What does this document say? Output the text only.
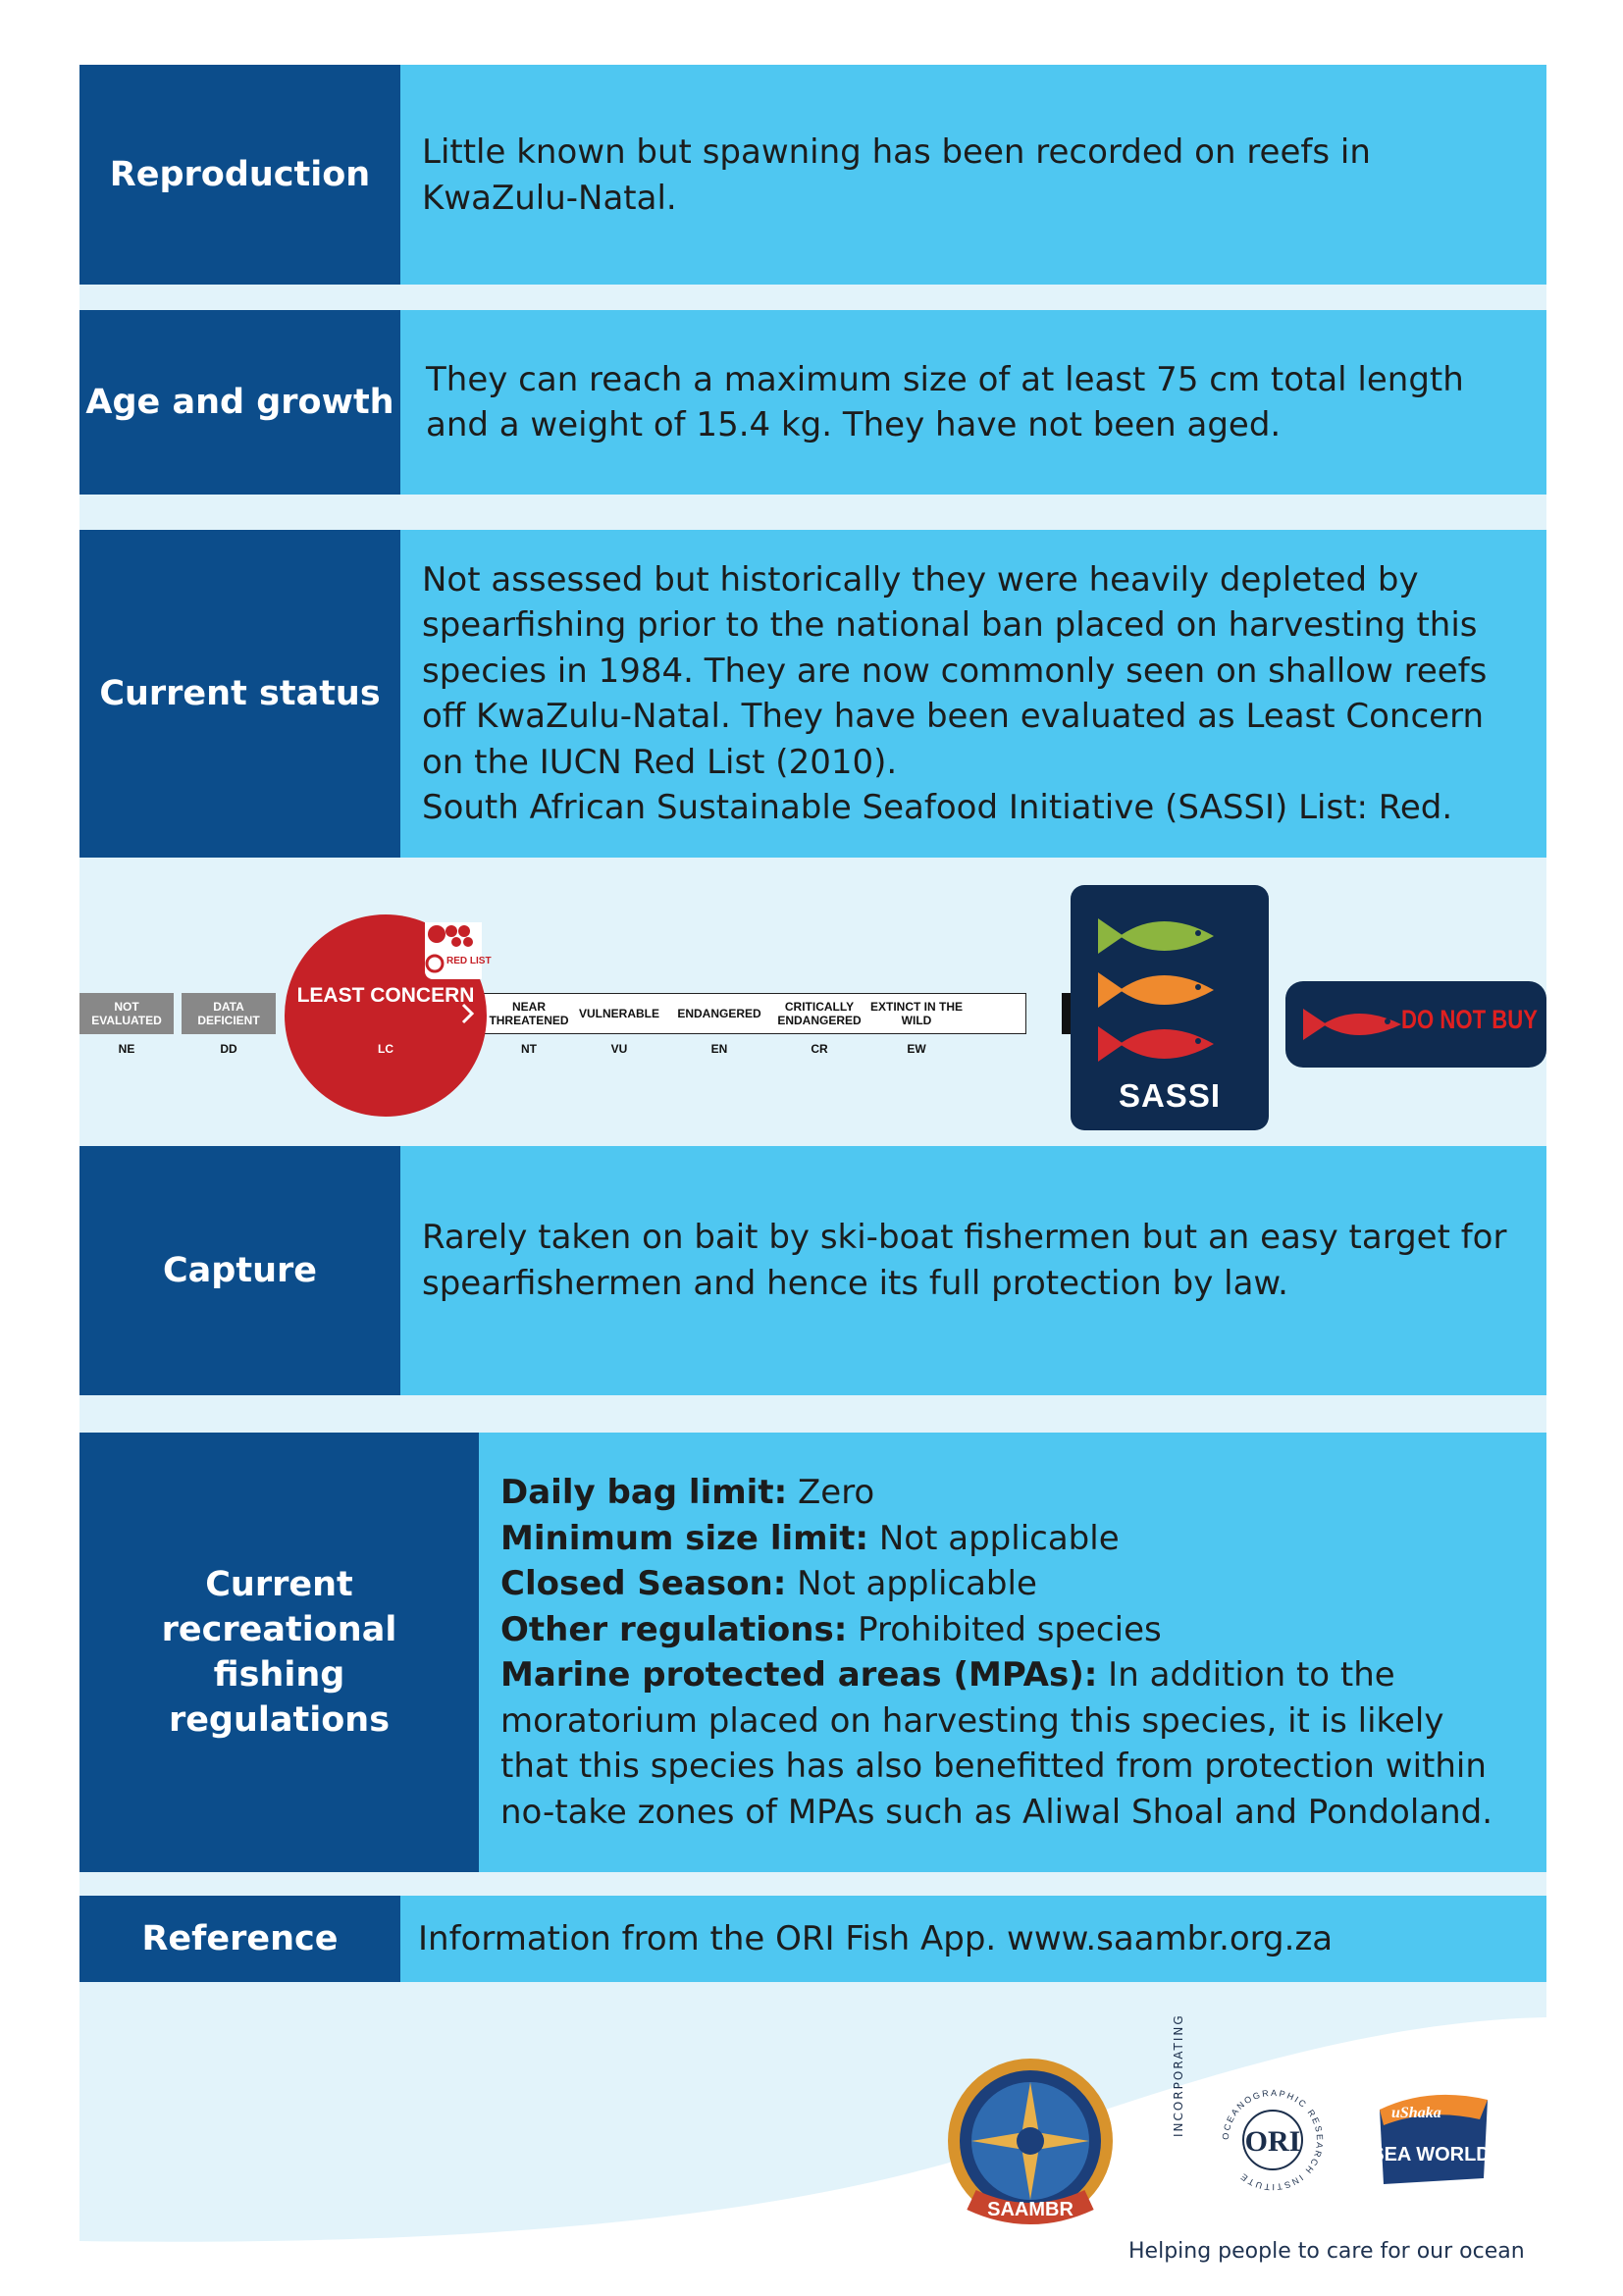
Reproduction

Little known but spawning has been recorded on reefs in KwaZulu-Natal.

Age and growth

They can reach a maximum size of at least 75 cm total length and a weight of 15.4 kg. They have not been aged.

Current status

Not assessed but historically they were heavily depleted by spearfishing prior to the national ban placed on harvesting this species in 1984. They are now commonly seen on shallow reefs off KwaZulu-Natal. They have been evaluated as Least Concern on the IUCN Red List (2010).

South African Sustainable Seafood Initiative (SASSI) List: Red.

NOT EVALUATED
DATA DEFICIENT
NE	DD
LEAST CONCERN
LC
RED LIST
NEAR THREATENED VULNERABLE	ENDANGERED	CRITICALLY ENDANGERED
EXTINCT IN THE WILD
NT	VU	EN	CR	EW
SASSI
DO NOT BUY
Capture

Rarely taken on bait by ski-boat fishermen but an easy target for spearfishermen and hence its full protection by law.

Current recreational fishing regulations

Daily bag limit: Zero

Minimum size limit: Not applicable

Closed Season: Not applicable

Other regulations: Prohibited species

Marine protected areas (MPAs): In addition to the moratorium placed on harvesting this species, it is likely that this species has also benefitted from protection within no-take zones of MPAs such as Aliwal Shoal and Pondoland.

Reference	Information from the ORI Fish App. www.saambr.org.za

SAAMBR
INCORPORATING
ORI
OCEANOGRAPHIC RESEARCH INSTITUTE
uShaka
SEA WORLD
Helping people to care for our ocean
